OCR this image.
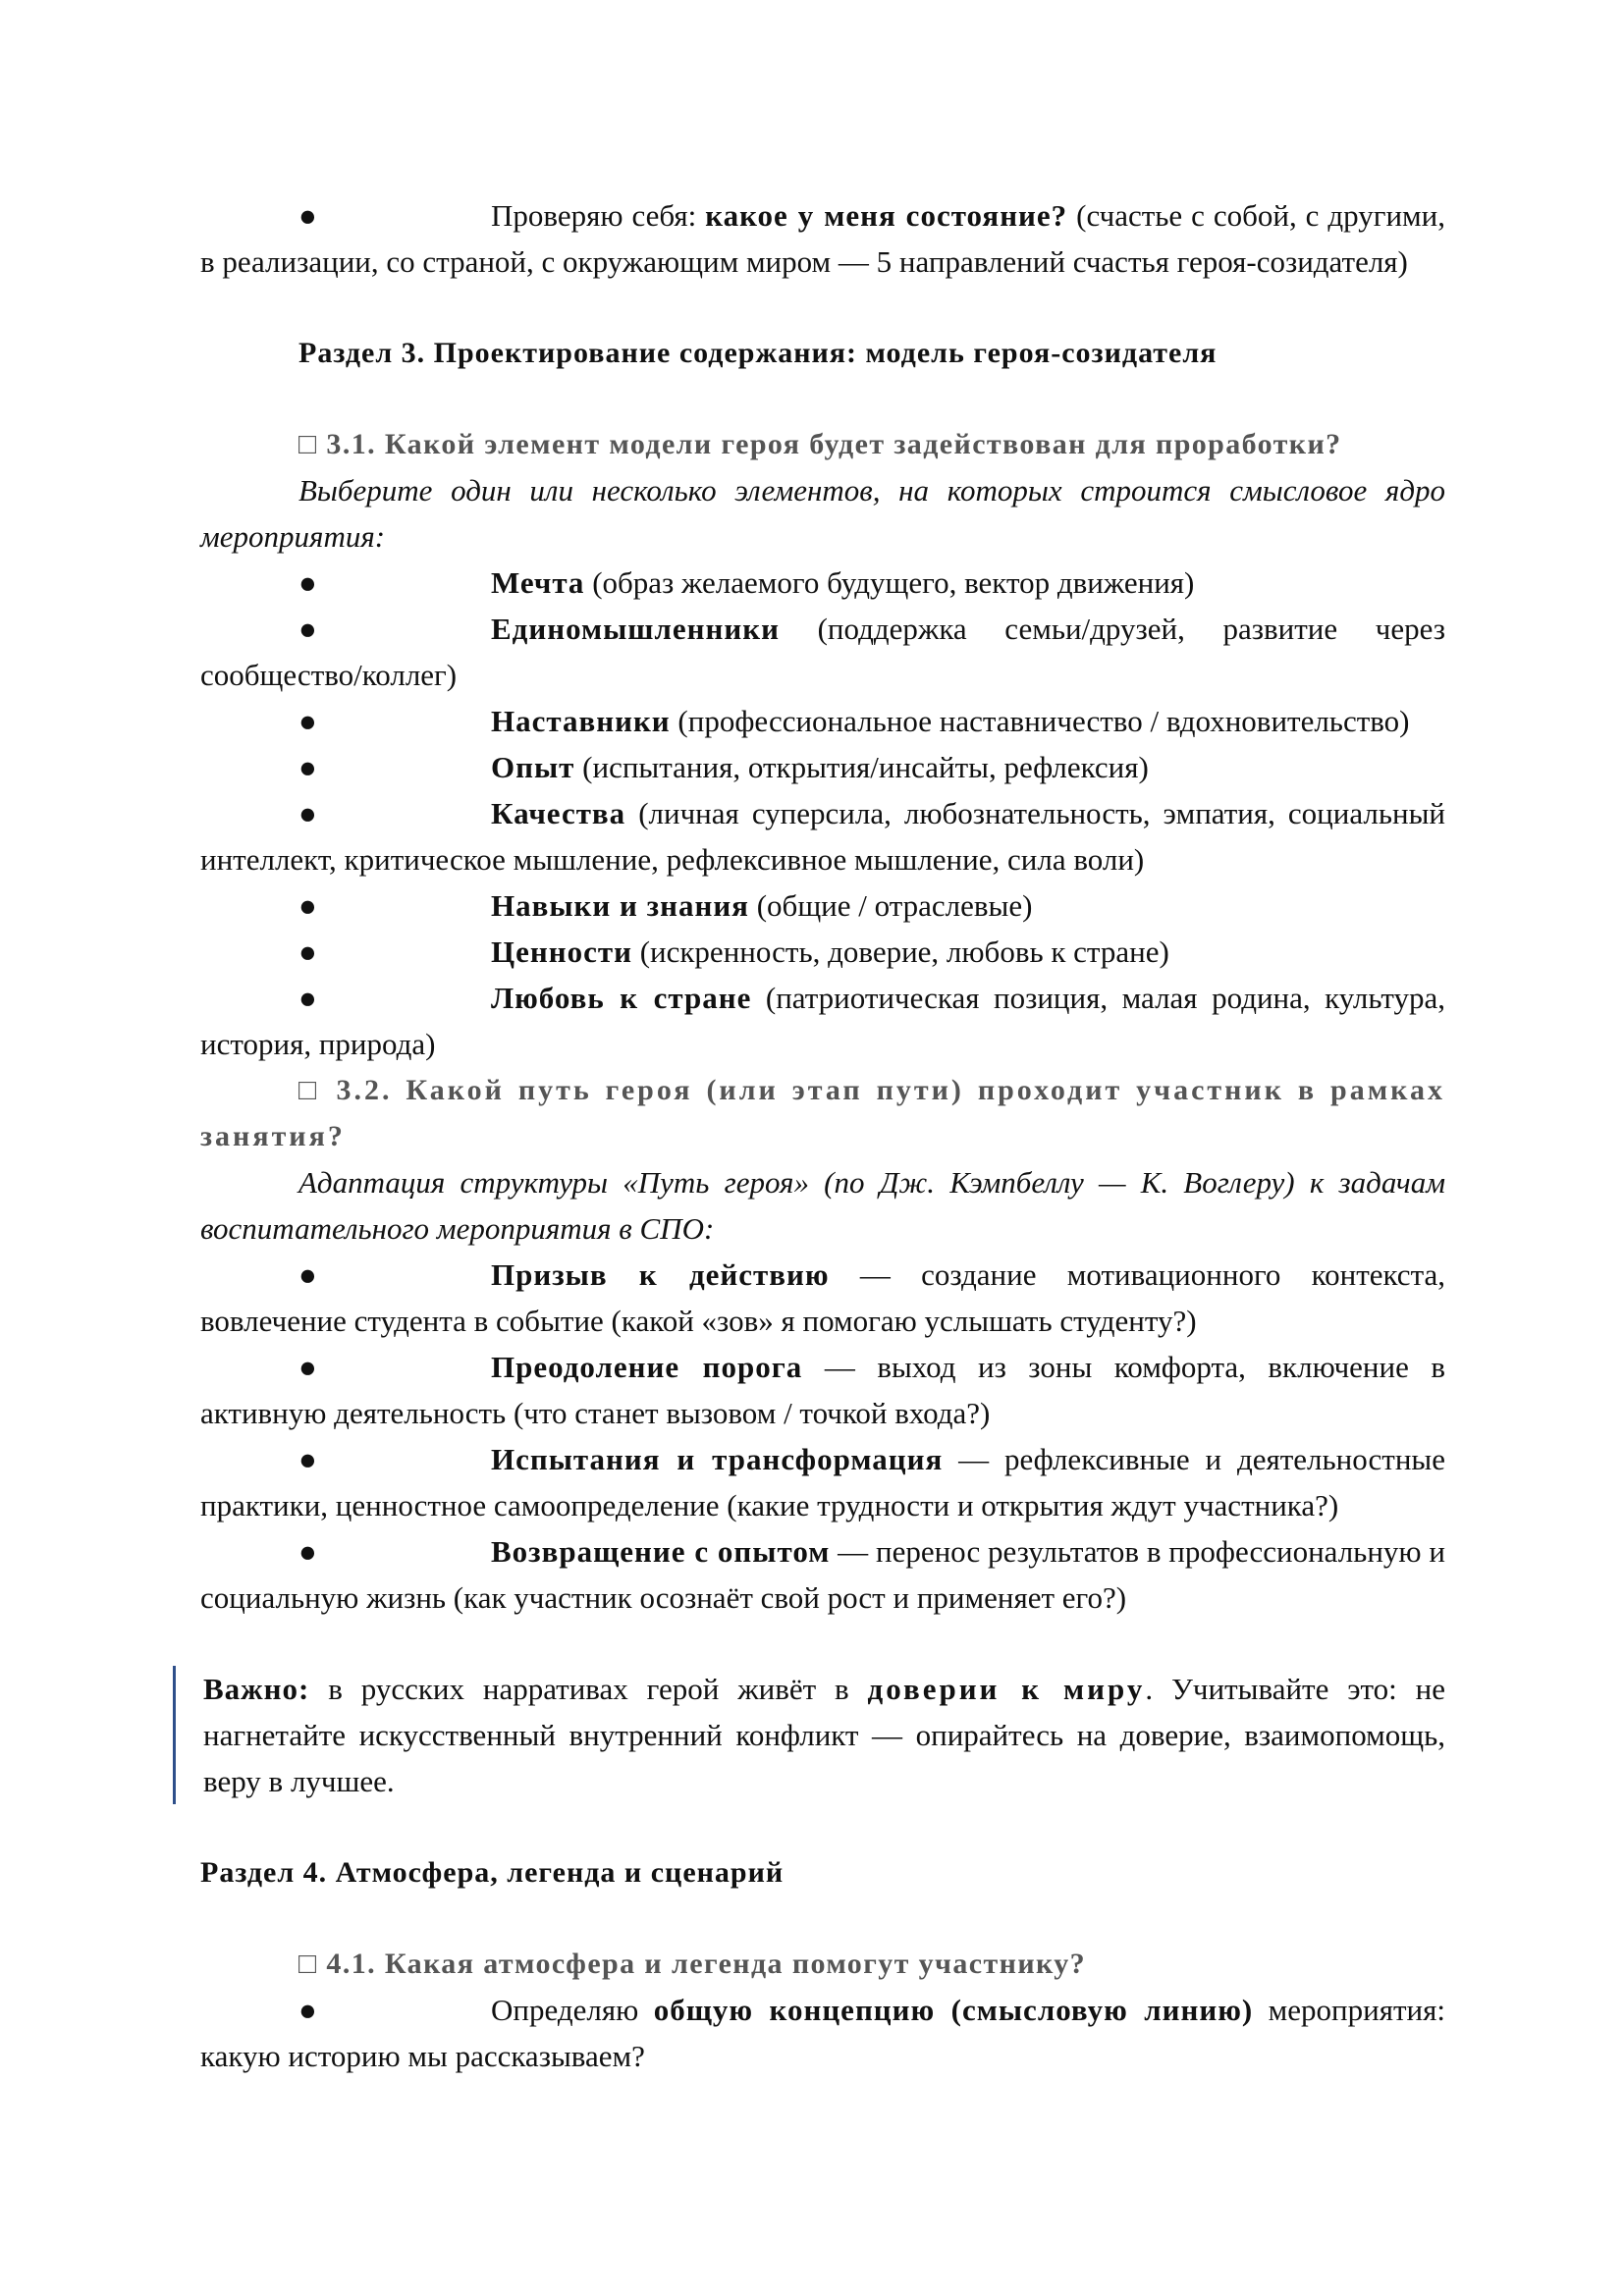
●	Проверяю себя: какое у меня состояние? (счастье с собой, с другими, в реализации, со страной, с окружающим миром — 5 направлений счастья героя-созидателя)

Раздел 3. Проектирование содержания: модель героя-созидателя

□ 3.1. Какой элемент модели героя будет задействован для проработки?

Выберите один или несколько элементов, на которых строится смысловое ядро мероприятия:

●	Мечта (образ желаемого будущего, вектор движения)

●	Единомышленники (поддержка семьи/друзей, развитие через сообщество/коллег)

●	Наставники (профессиональное наставничество / вдохновительство)

●	Опыт (испытания, открытия/инсайты, рефлексия)

●	Качества (личная суперсила, любознательность, эмпатия, социальный интеллект, критическое мышление, рефлексивное мышление, сила воли)

●	Навыки и знания (общие / отраслевые)

●	Ценности (искренность, доверие, любовь к стране)

●	Любовь к стране (патриотическая позиция, малая родина, культура, история, природа)

□ 3.2. Какой путь героя (или этап пути) проходит участник в рамках занятия?

Адаптация структуры «Путь героя» (по Дж. Кэмпбеллу — К. Воглеру) к задачам воспитательного мероприятия в СПО:

●	Призыв к действию — создание мотивационного контекста, вовлечение студента в событие (какой «зов» я помогаю услышать студенту?)

●	Преодоление порога — выход из зоны комфорта, включение в активную деятельность (что станет вызовом / точкой входа?)

●	Испытания и трансформация — рефлексивные и деятельностные практики, ценностное самоопределение (какие трудности и открытия ждут участника?)

●	Возвращение с опытом — перенос результатов в профессиональную и социальную жизнь (как участник осознаёт свой рост и применяет его?)

Важно: в русских нарративах герой живёт в доверии к миру. Учитывайте это: не нагнетайте искусственный внутренний конфликт — опирайтесь на доверие, взаимопомощь, веру в лучшее.

Раздел 4. Атмосфера, легенда и сценарий

□ 4.1. Какая атмосфера и легенда помогут участнику?

●	Определяю общую концепцию (смысловую линию) мероприятия: какую историю мы рассказываем?
